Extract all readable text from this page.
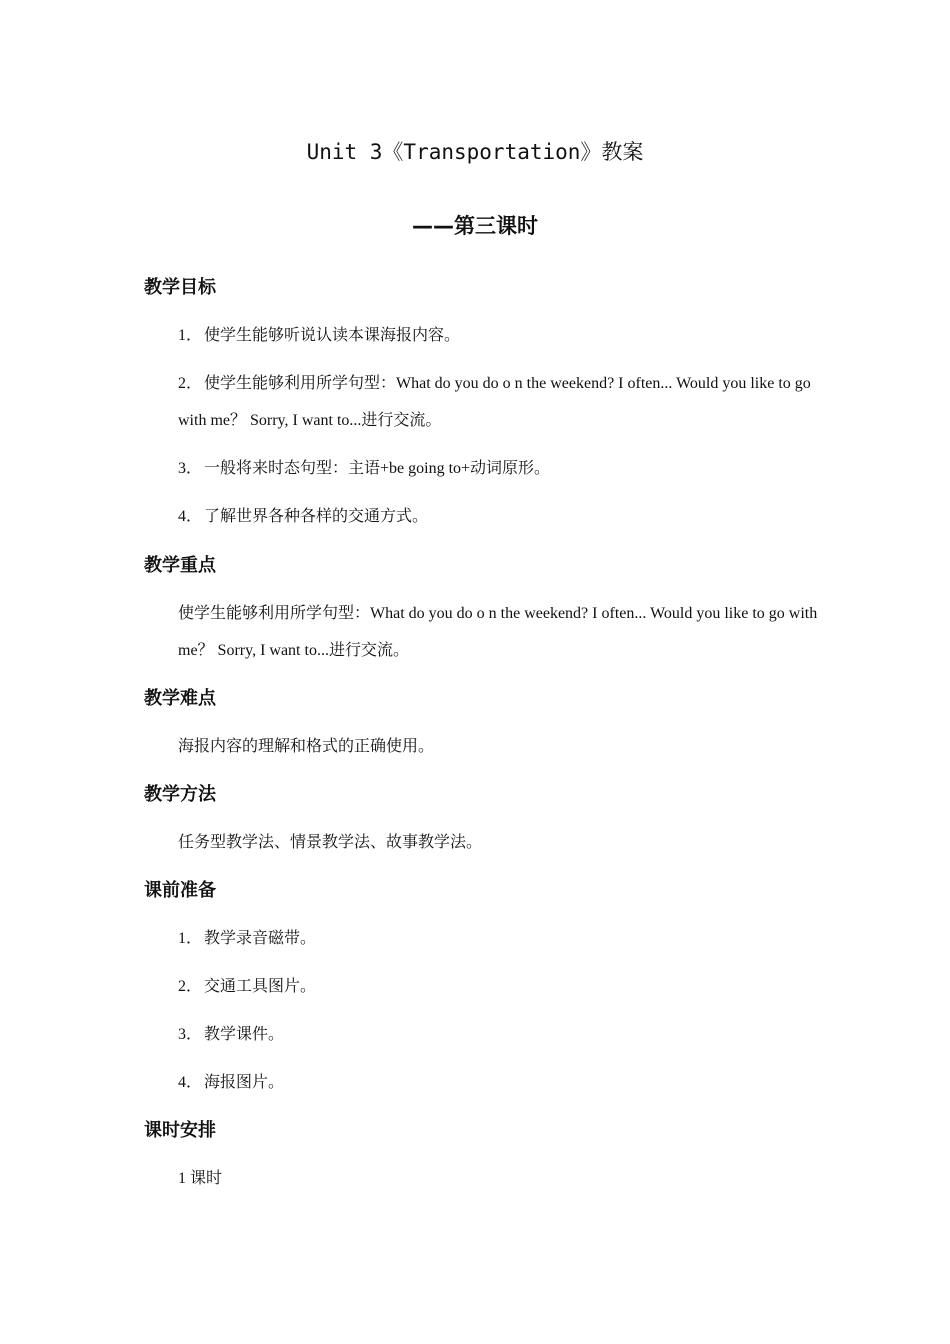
Unit 3《Transportation》教案
——第三课时
教学目标
1． 使学生能够听说认读本课海报内容。
2． 使学生能够利用所学句型：What do you do o n the weekend? I often... Would you like to go with me？ Sorry, I want to...进行交流。
3． 一般将来时态句型：主语+be going to+动词原形。
4． 了解世界各种各样的交通方式。
教学重点
使学生能够利用所学句型：What do you do o n the weekend? I often... Would you like to go with me？ Sorry, I want to...进行交流。
教学难点
海报内容的理解和格式的正确使用。
教学方法
任务型教学法、情景教学法、故事教学法。
课前准备
1． 教学录音磁带。
2． 交通工具图片。
3． 教学课件。
4． 海报图片。
课时安排
1 课时
